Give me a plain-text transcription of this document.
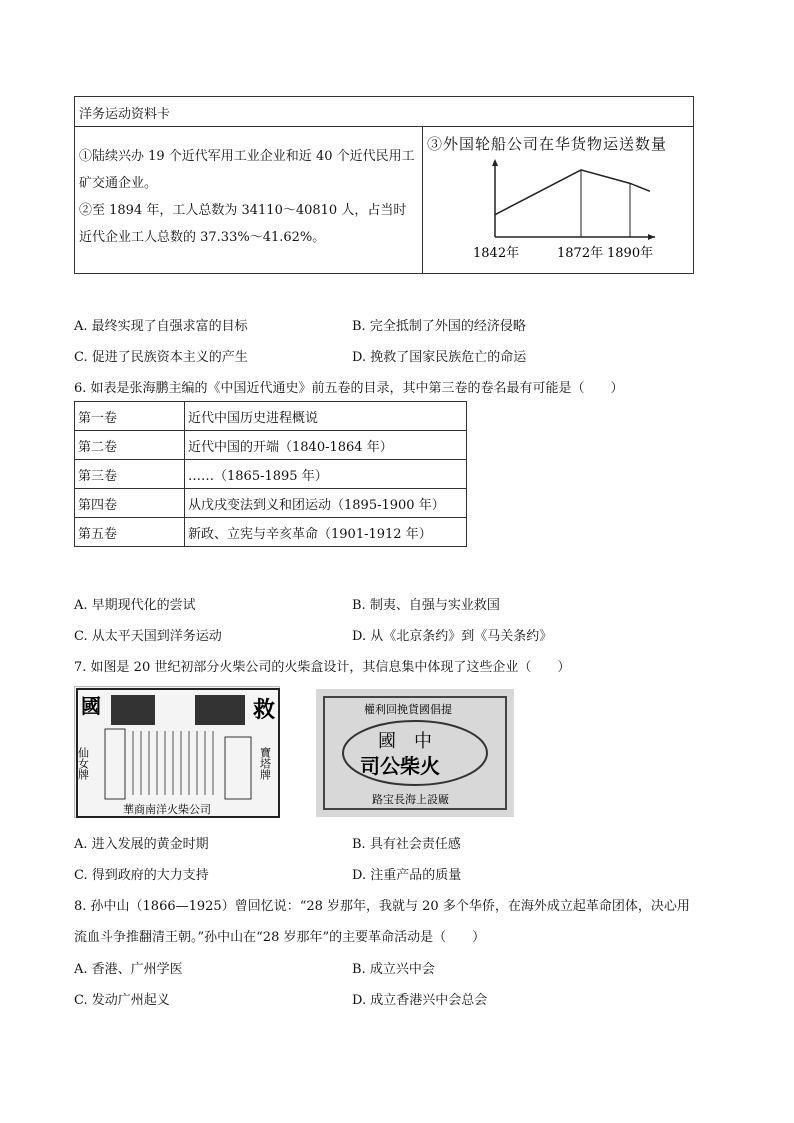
洋务运动资料卡
①陆续兴办 19 个近代军用工业企业和近 40 个近代民用工矿交通企业。
②至 1894 年，工人总数为 34110～40810 人，占当时近代企业工人总数的 37.33%～41.62%。
③外国轮船公司在华货物运送数量
1842年	1872年 1890年
A. 最终实现了自强求富的目标	B. 完全抵制了外国的经济侵略
C. 促进了民族资本主义的产生	D. 挽救了国家民族危亡的命运
6. 如表是张海鹏主编的《中国近代通史》前五卷的目录，其中第三卷的卷名最有可能是（　　）
第一卷	近代中国历史进程概说
第二卷	近代中国的开端（1840-1864 年）
第三卷	……（1865-1895 年）
第四卷	从戊戌变法到义和团运动（1895-1900 年）
第五卷	新政、立宪与辛亥革命（1901-1912 年）
A. 早期现代化的尝试	B. 制夷、自强与实业救国
C. 从太平天国到洋务运动	D. 从《北京条约》到《马关条约》
7. 如图是 20 世纪初部分火柴公司的火柴盒设计，其信息集中体现了这些企业（　　）
國	救
仙女牌	寶塔牌
華商南洋火柴公司
權利回挽貨國倡提
國　中
司公柴火
路宝長海上設厰
A. 进入发展的黄金时期	B. 具有社会责任感
C. 得到政府的大力支持	D. 注重产品的质量
8. 孙中山（1866—1925）曾回忆说：“28 岁那年，我就与 20 多个华侨，在海外成立起革命团体，决心用
流血斗争推翻清王朝。”孙中山在“28 岁那年”的主要革命活动是（　　）
A. 香港、广州学医	B. 成立兴中会
C. 发动广州起义	D. 成立香港兴中会总会
